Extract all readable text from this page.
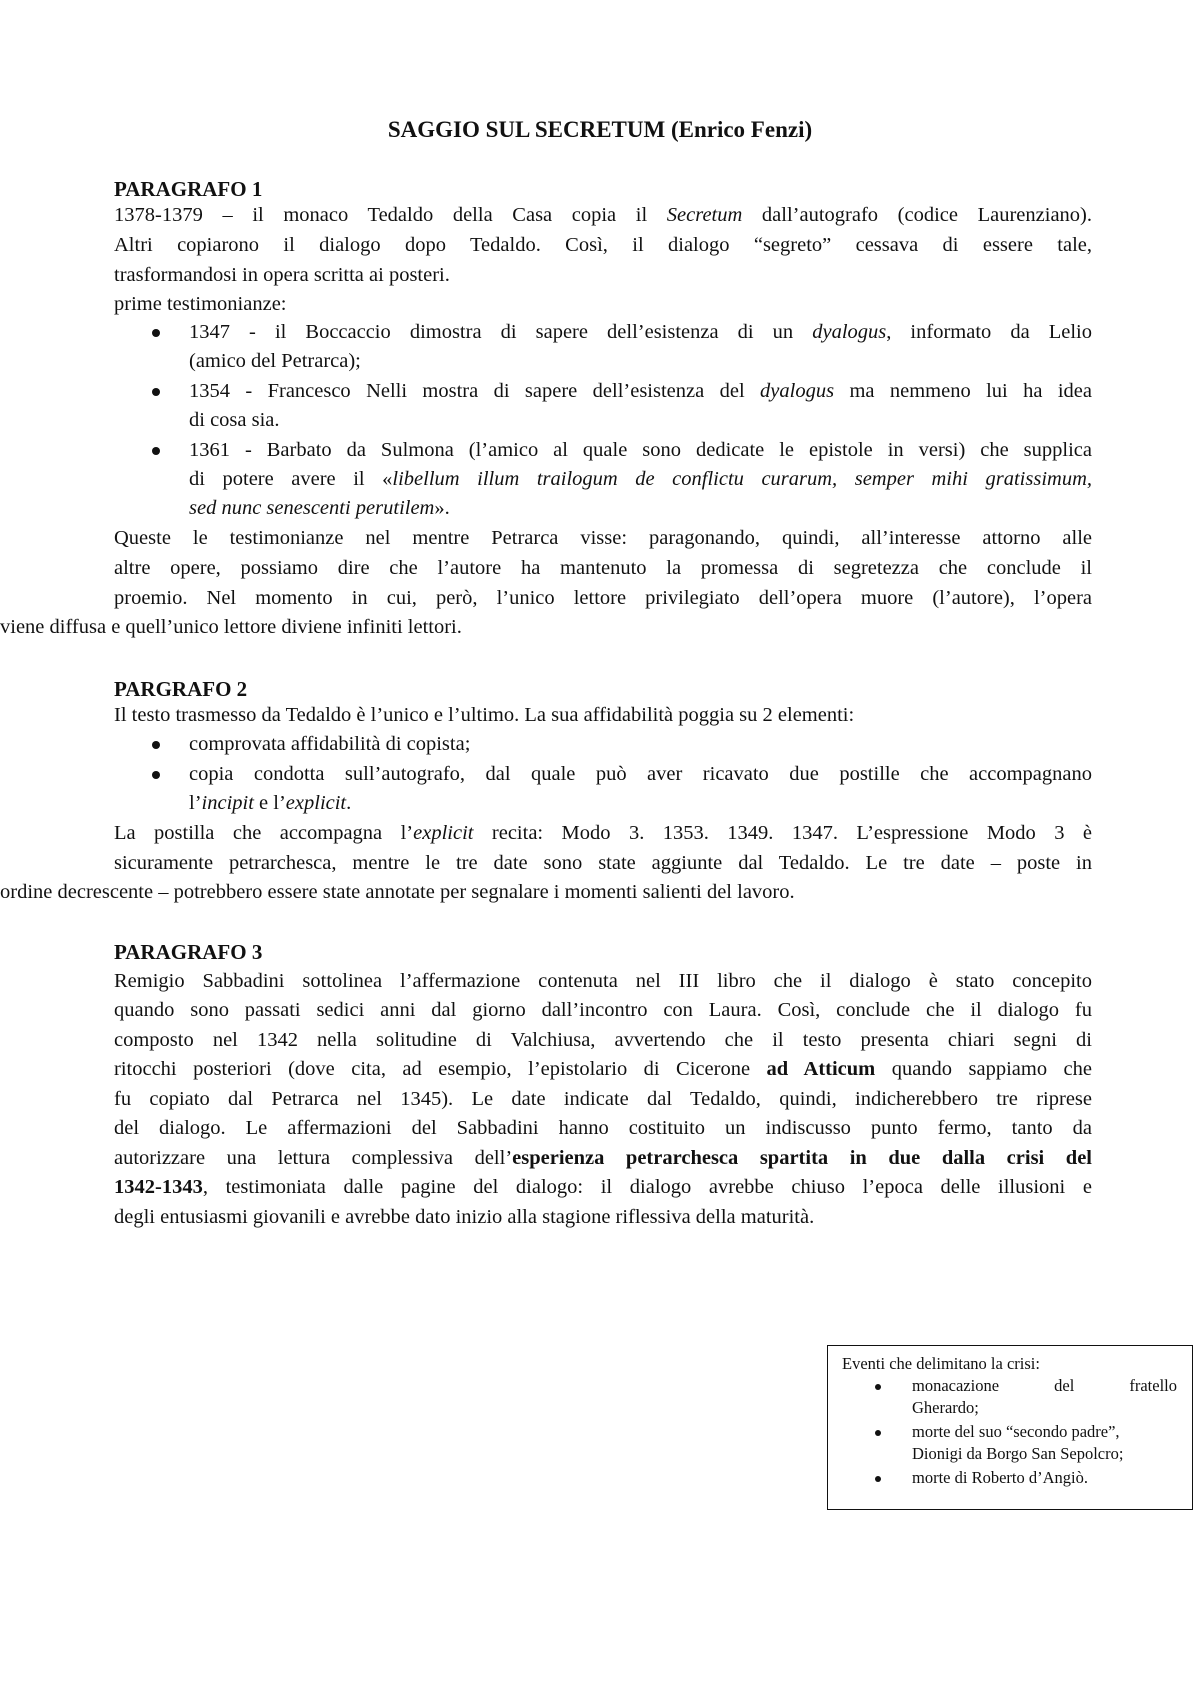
SAGGIO SUL SECRETUM (Enrico Fenzi)
PARAGRAFO 1
1378-1379 – il monaco Tedaldo della Casa copia il Secretum dall’autografo (codice Laurenziano).
Altri copiarono il dialogo dopo Tedaldo. Così, il dialogo “segreto” cessava di essere tale,
trasformandosi in opera scritta ai posteri.
prime testimonianze:
1347 - il Boccaccio dimostra di sapere dell’esistenza di un dyalogus, informato da Lelio
(amico del Petrarca);
1354 - Francesco Nelli mostra di sapere dell’esistenza del dyalogus ma nemmeno lui ha idea
di cosa sia.
1361 - Barbato da Sulmona (l’amico al quale sono dedicate le epistole in versi) che supplica
di potere avere il «libellum illum trailogum de conflictu curarum, semper mihi gratissimum,
sed nunc senescenti perutilem».
Queste le testimonianze nel mentre Petrarca visse: paragonando, quindi, all’interesse attorno alle
altre opere, possiamo dire che l’autore ha mantenuto la promessa di segretezza che conclude il
proemio. Nel momento in cui, però, l’unico lettore privilegiato dell’opera muore (l’autore), l’opera
viene diffusa e quell’unico lettore diviene infiniti lettori.
PARGRAFO 2
Il testo trasmesso da Tedaldo è l’unico e l’ultimo. La sua affidabilità poggia su 2 elementi:
comprovata affidabilità di copista;
copia condotta sull’autografo, dal quale può aver ricavato due postille che accompagnano
l’incipit e l’explicit.
La postilla che accompagna l’explicit recita: Modo 3. 1353. 1349. 1347. L’espressione Modo 3 è
sicuramente petrarchesca, mentre le tre date sono state aggiunte dal Tedaldo. Le tre date – poste in
ordine decrescente – potrebbero essere state annotate per segnalare i momenti salienti del lavoro.
PARAGRAFO 3
Remigio Sabbadini sottolinea l’affermazione contenuta nel III libro che il dialogo è stato concepito
quando sono passati sedici anni dal giorno dall’incontro con Laura. Così, conclude che il dialogo fu
composto nel 1342 nella solitudine di Valchiusa, avvertendo che il testo presenta chiari segni di
ritocchi posteriori (dove cita, ad esempio, l’epistolario di Cicerone ad Atticum quando sappiamo che
fu copiato dal Petrarca nel 1345). Le date indicate dal Tedaldo, quindi, indicherebbero tre riprese
del dialogo. Le affermazioni del Sabbadini hanno costituito un indiscusso punto fermo, tanto da
autorizzare una lettura complessiva dell’esperienza petrarchesca spartita in due dalla crisi del
1342-1343, testimoniata dalle pagine del dialogo: il dialogo avrebbe chiuso l’epoca delle illusioni e
degli entusiasmi giovanili e avrebbe dato inizio alla stagione riflessiva della maturità.
Eventi che delimitano la crisi:
monacazione del fratello
Gherardo;
morte del suo “secondo padre”,
Dionigi da Borgo San Sepolcro;
morte di Roberto d’Angiò.
